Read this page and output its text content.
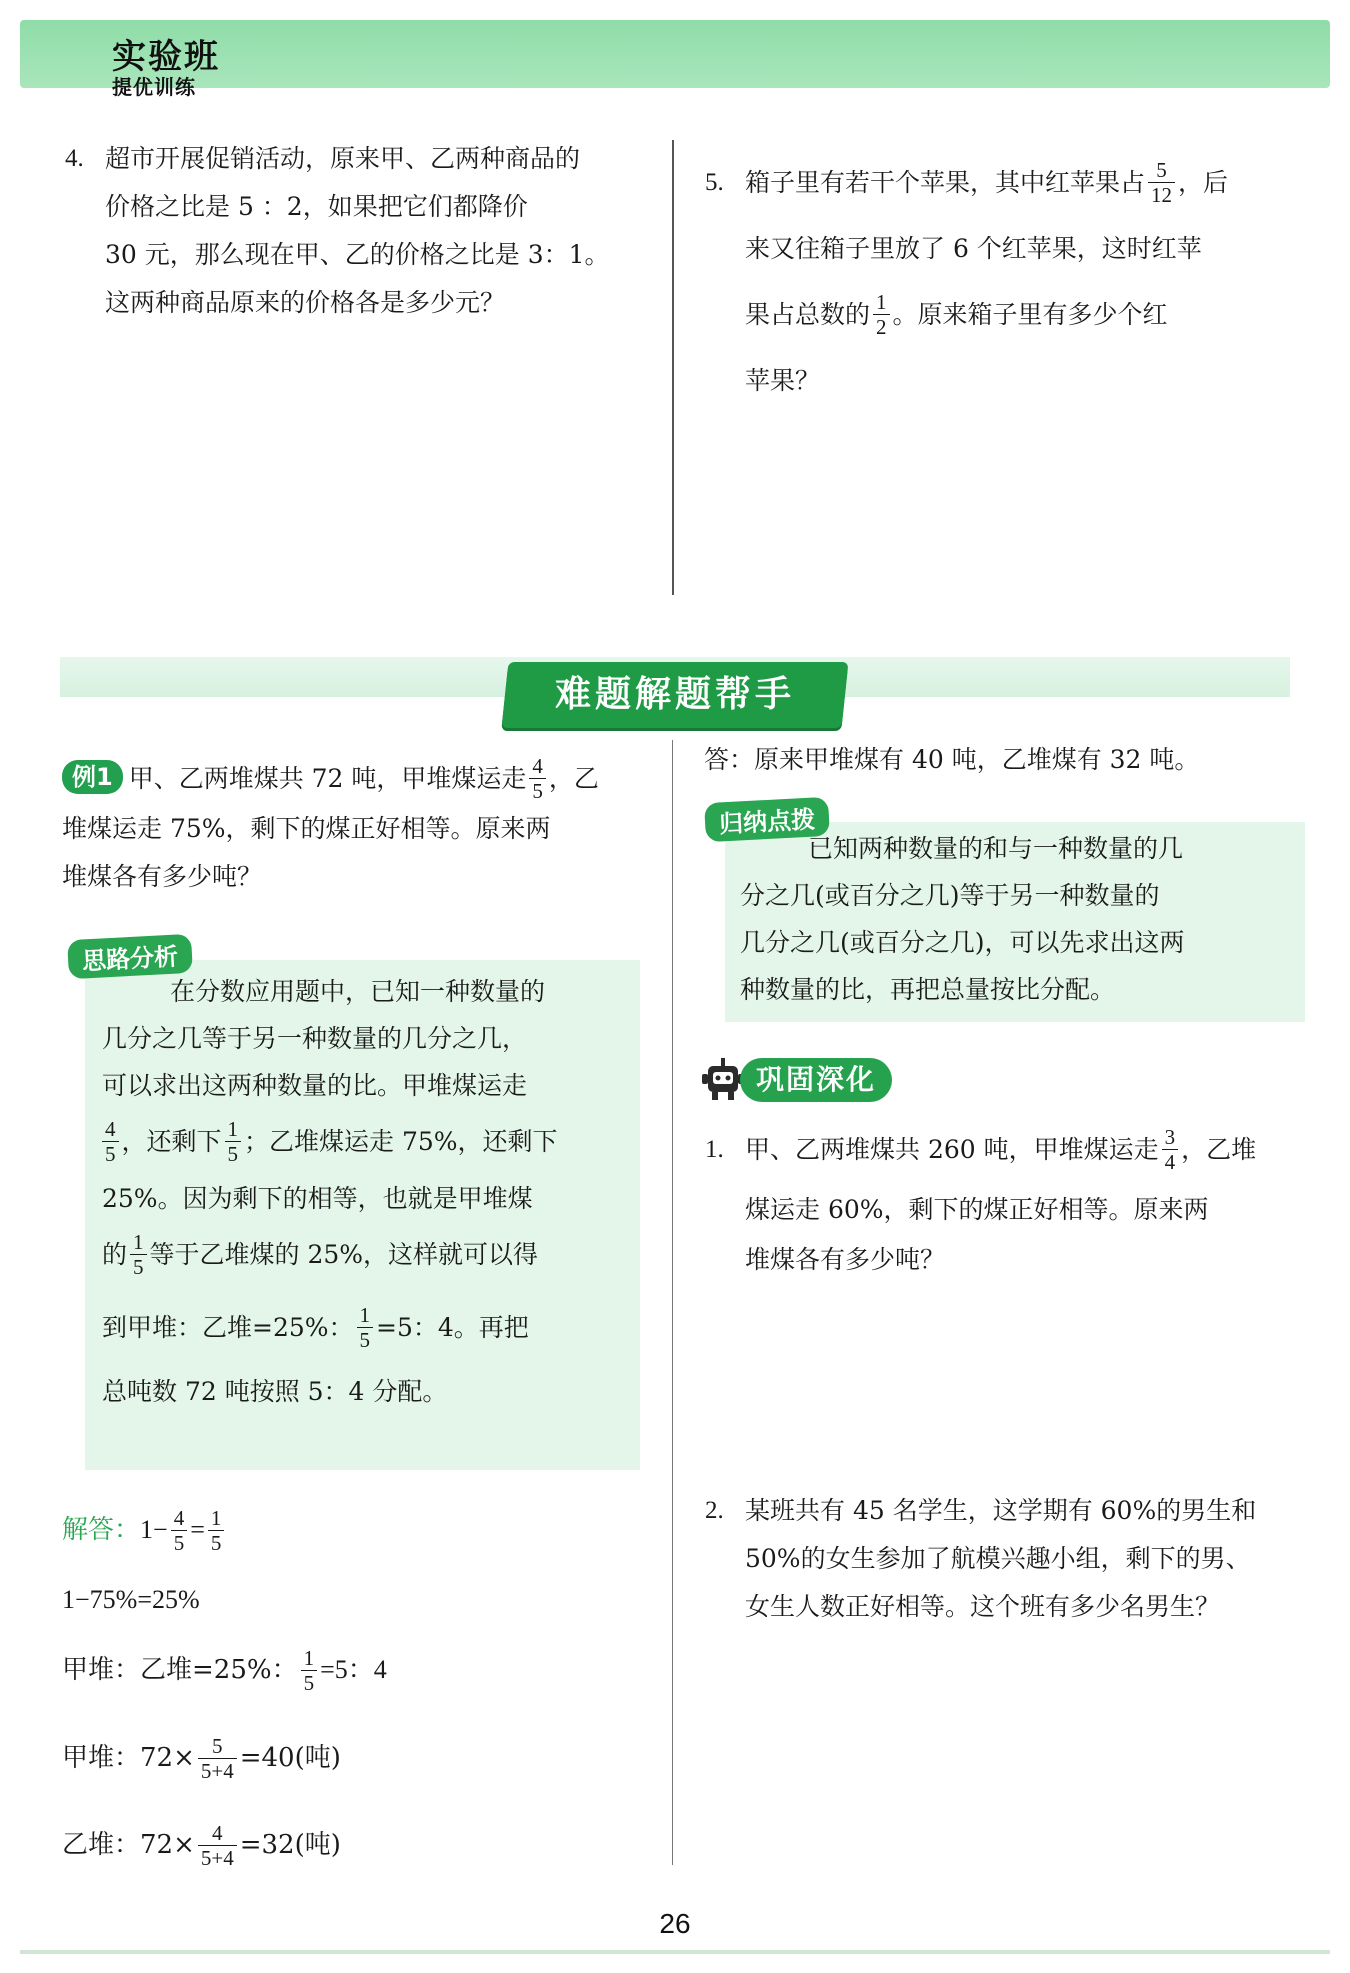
实验班
提优训练
4. 超市开展促销活动，原来甲、乙两种商品的
价格之比是 5 ：2，如果把它们都降价
30 元，那么现在甲、乙的价格之比是 3：1。
这两种商品原来的价格各是多少元？
5. 箱子里有若干个苹果，其中红苹果占 $\frac{5}{12}$ ，后
来又往箱子里放了 6 个红苹果，这时红苹
果占总数的 $\frac{1}{2}$ 。原来箱子里有多少个红
苹果？
难题解题帮手
例1 甲、乙两堆煤共 72 吨，甲堆煤运走 $\frac{4}{5}$ ，乙
堆煤运走 75%，剩下的煤正好相等。原来两
堆煤各有多少吨？
思路分析
在分数应用题中，已知一种数量的
几分之几等于另一种数量的几分之几，
可以求出这两种数量的比。甲堆煤运走
$\frac{4}{5}$ ，还剩下 $\frac{1}{5}$ ；乙堆煤运走 75%，还剩下
25%。因为剩下的相等，也就是甲堆煤
的 $\frac{1}{5}$ 等于乙堆煤的 25%，这样就可以得
到甲堆：乙堆=25%： $\frac{1}{5} =5$：4。再把
总吨数 72 吨按照 5：4 分配。
解答：$1- \frac{4}{5} = \frac{1}{5}$
1−75%=25%
甲堆：乙堆=25%： $\frac{1}{5} =5$：4
甲堆：$72\times \frac{5}{5+4} =40$(吨)
乙堆：$72\times \frac{4}{5+4} =32$(吨)
答：原来甲堆煤有 40 吨，乙堆煤有 32 吨。
归纳点拨
已知两种数量的和与一种数量的几
分之几(或百分之几)等于另一种数量的
几分之几(或百分之几)，可以先求出这两
种数量的比，再把总量按比分配。
巩固深化
1. 甲、乙两堆煤共 260 吨，甲堆煤运走 $\frac{3}{4}$ ，乙堆
煤运走 60%，剩下的煤正好相等。原来两
堆煤各有多少吨？
2. 某班共有 45 名学生，这学期有 60%的男生和
50%的女生参加了航模兴趣小组，剩下的男、
女生人数正好相等。这个班有多少名男生？
26
